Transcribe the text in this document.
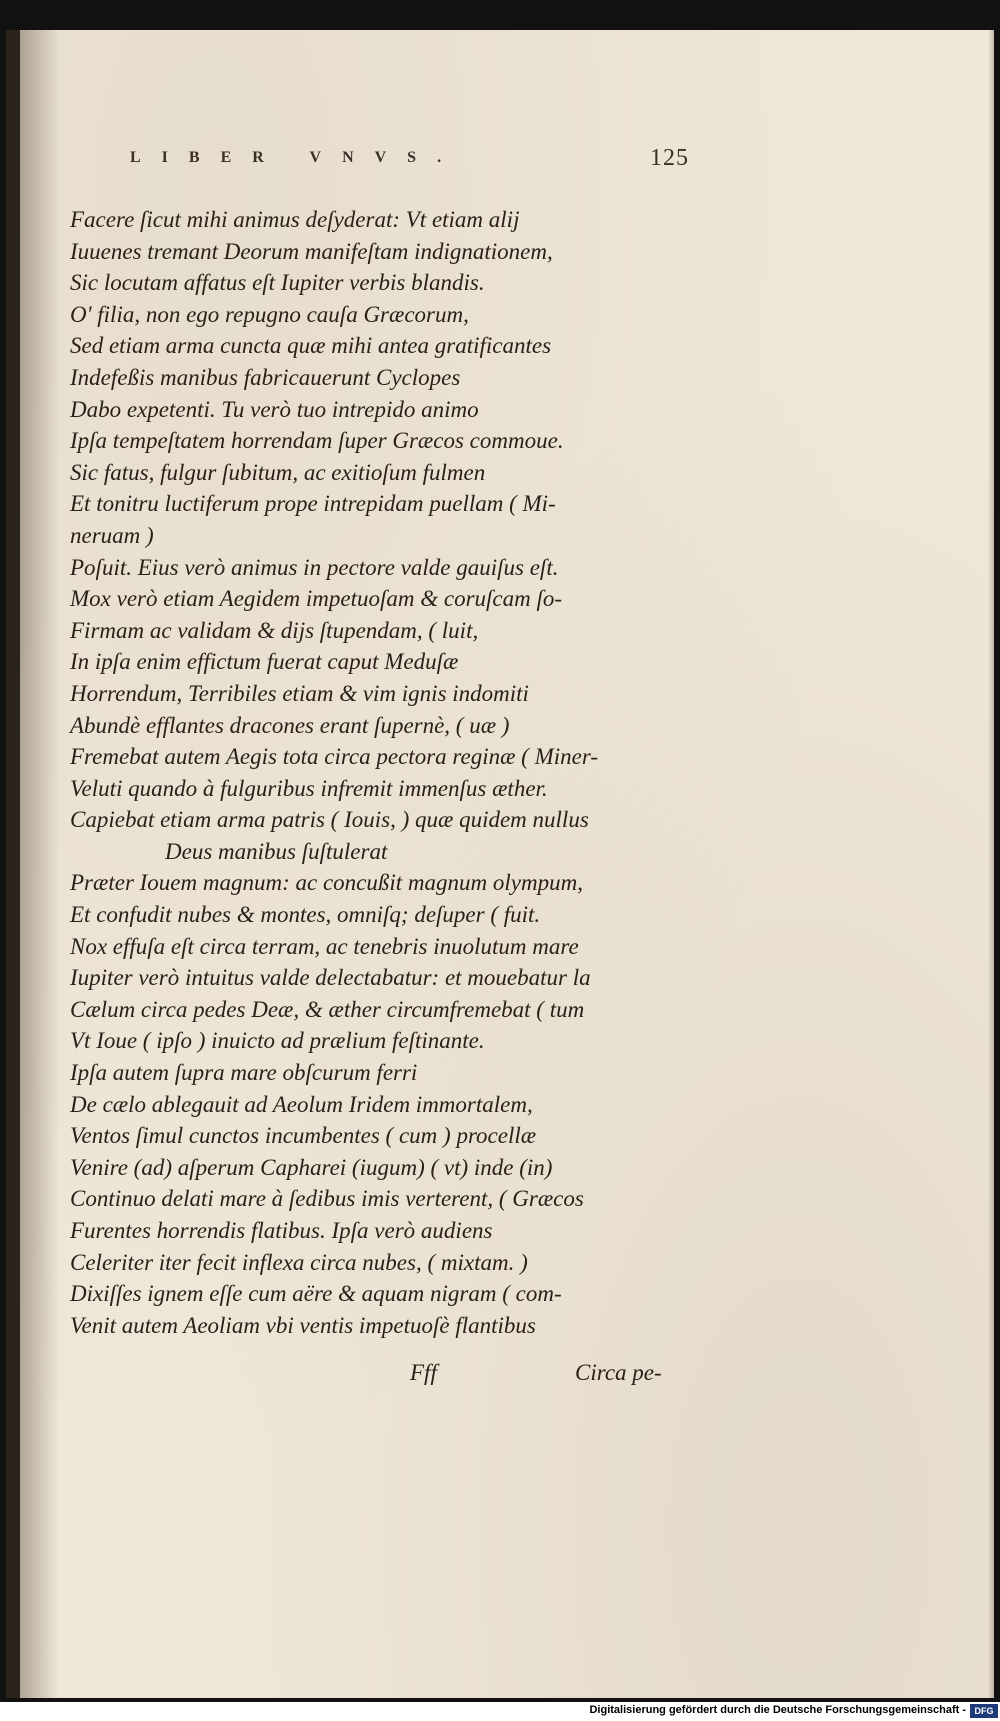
LIBER VNVS.	125
Facere ſicut mihi animus deſyderat: Vt etiam alij
Iuuenes tremant Deorum manifeſtam indignationem,
Sic locutam affatus eſt Iupiter verbis blandis.
O' filia, non ego repugno cauſa Græcorum,
Sed etiam arma cuncta quæ mihi antea gratificantes
Indefeßis manibus fabricauerunt Cyclopes
Dabo expetenti. Tu verò tuo intrepido animo
Ipſa tempeſtatem horrendam ſuper Græcos commoue.
Sic fatus, fulgur ſubitum, ac exitioſum fulmen
Et tonitru luctiferum prope intrepidam puellam ( Mi-
neruam )
Poſuit. Eius verò animus in pectore valde gauiſus eſt.
Mox verò etiam Aegidem impetuoſam & coruſcam ſo-
Firmam ac validam & dijs ſtupendam, ( luit,
In ipſa enim effictum fuerat caput Meduſæ
Horrendum, Terribiles etiam & vim ignis indomiti
Abundè efflantes dracones erant ſupernè, ( uæ )
Fremebat autem Aegis tota circa pectora reginæ ( Miner-
Veluti quando à fulguribus infremit immenſus æther.
Capiebat etiam arma patris ( Iouis, ) quæ quidem nullus
Deus manibus ſuſtulerat
Præter Iouem magnum: ac concußit magnum olympum,
Et confudit nubes & montes, omniſq; deſuper ( fuit.
Nox effuſa eſt circa terram, ac tenebris inuolutum mare
Iupiter verò intuitus valde delectabatur: et mouebatur la
Cælum circa pedes Deæ, & æther circumfremebat ( tum
Vt Ioue ( ipſo ) inuicto ad prælium feſtinante.
Ipſa autem ſupra mare obſcurum ferri
De cælo ablegauit ad Aeolum Iridem immortalem,
Ventos ſimul cunctos incumbentes ( cum ) procellæ
Venire (ad) aſperum Capharei (iugum) ( vt) inde (in)
Continuo delati mare à ſedibus imis verterent, ( Græcos
Furentes horrendis flatibus. Ipſa verò audiens
Celeriter iter fecit inflexa circa nubes, ( mixtam. )
Dixiſſes ignem eſſe cum aëre & aquam nigram ( com-
Venit autem Aeoliam vbi ventis impetuoſè flantibus
Fff	Circa pe-
Digitalisierung gefördert durch die Deutsche Forschungsgemeinschaft - DFG
